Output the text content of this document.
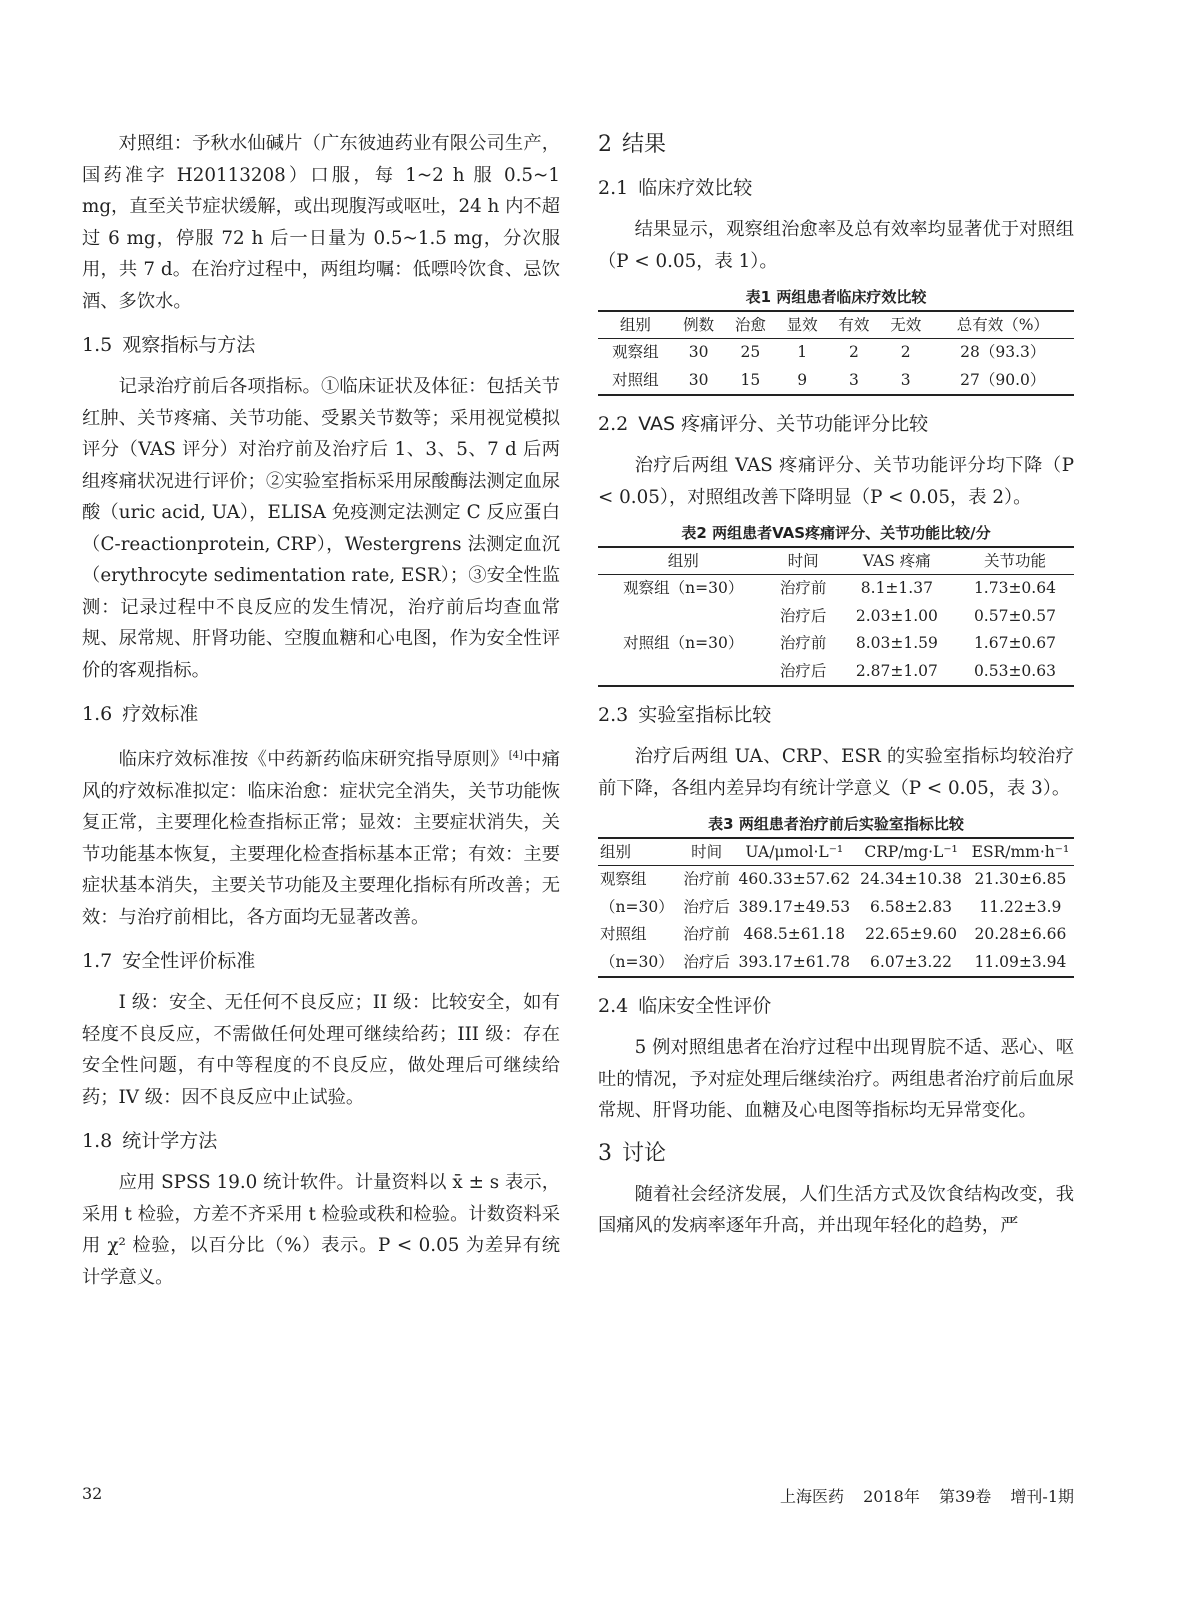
对照组：予秋水仙碱片（广东彼迪药业有限公司生产，国药准字 H20113208）口服，每 1~2 h 服 0.5~1 mg，直至关节症状缓解，或出现腹泻或呕吐，24 h 内不超过 6 mg，停服 72 h 后一日量为 0.5~1.5 mg，分次服用，共 7 d。在治疗过程中，两组均嘱：低嘌呤饮食、忌饮酒、多饮水。

1.5 观察指标与方法

记录治疗前后各项指标。①临床证状及体征：包括关节红肿、关节疼痛、关节功能、受累关节数等；采用视觉模拟评分（VAS 评分）对治疗前及治疗后 1、3、5、7 d 后两组疼痛状况进行评价；②实验室指标采用尿酸酶法测定血尿酸（uric acid, UA），ELISA 免疫测定法测定 C 反应蛋白（C-reactionprotein, CRP），Westergrens 法测定血沉（erythrocyte sedimentation rate, ESR）；③安全性监测：记录过程中不良反应的发生情况，治疗前后均查血常规、尿常规、肝肾功能、空腹血糖和心电图，作为安全性评价的客观指标。

1.6 疗效标准

临床疗效标准按《中药新药临床研究指导原则》[4]中痛风的疗效标准拟定：临床治愈：症状完全消失，关节功能恢复正常，主要理化检查指标正常；显效：主要症状消失，关节功能基本恢复，主要理化检查指标基本正常；有效：主要症状基本消失，主要关节功能及主要理化指标有所改善；无效：与治疗前相比，各方面均无显著改善。

1.7 安全性评价标准

I 级：安全、无任何不良反应；II 级：比较安全，如有轻度不良反应，不需做任何处理可继续给药；III 级：存在安全性问题，有中等程度的不良反应，做处理后可继续给药；IV 级：因不良反应中止试验。

1.8 统计学方法

应用 SPSS 19.0 统计软件。计量资料以 x̄ ± s 表示，采用 t 检验，方差不齐采用 t 检验或秩和检验。计数资料采用 χ² 检验，以百分比（%）表示。P < 0.05 为差异有统计学意义。

2 结果
2.1 临床疗效比较

结果显示，观察组治愈率及总有效率均显著优于对照组（P < 0.05，表 1）。

表1 两组患者临床疗效比较
组别	例数	治愈	显效	有效	无效	总有效（%）
观察组	30	25	1	2	2	28（93.3）
对照组	30	15	9	3	3	27（90.0）
2.2 VAS 疼痛评分、关节功能评分比较

治疗后两组 VAS 疼痛评分、关节功能评分均下降（P < 0.05），对照组改善下降明显（P < 0.05，表 2）。

表2 两组患者VAS疼痛评分、关节功能比较/分
组别	时间	VAS 疼痛	关节功能
观察组（n=30）	治疗前	8.1±1.37	1.73±0.64
	治疗后	2.03±1.00	0.57±0.57
对照组（n=30）	治疗前	8.03±1.59	1.67±0.67
	治疗后	2.87±1.07	0.53±0.63
2.3 实验室指标比较

治疗后两组 UA、CRP、ESR 的实验室指标均较治疗前下降，各组内差异均有统计学意义（P < 0.05，表 3）。

表3 两组患者治疗前后实验室指标比较
组别	时间	UA/μmol·L⁻¹	CRP/mg·L⁻¹	ESR/mm·h⁻¹
观察组	治疗前	460.33±57.62	24.34±10.38	21.30±6.85
（n=30）	治疗后	389.17±49.53	6.58±2.83	11.22±3.9
对照组	治疗前	468.5±61.18	22.65±9.60	20.28±6.66
（n=30）	治疗后	393.17±61.78	6.07±3.22	11.09±3.94
2.4 临床安全性评价

5 例对照组患者在治疗过程中出现胃脘不适、恶心、呕吐的情况，予对症处理后继续治疗。两组患者治疗前后血尿常规、肝肾功能、血糖及心电图等指标均无异常变化。

3 讨论

随着社会经济发展，人们生活方式及饮食结构改变，我国痛风的发病率逐年升高，并出现年轻化的趋势，严

32	上海医药 2018年 第39卷 增刊-1期
